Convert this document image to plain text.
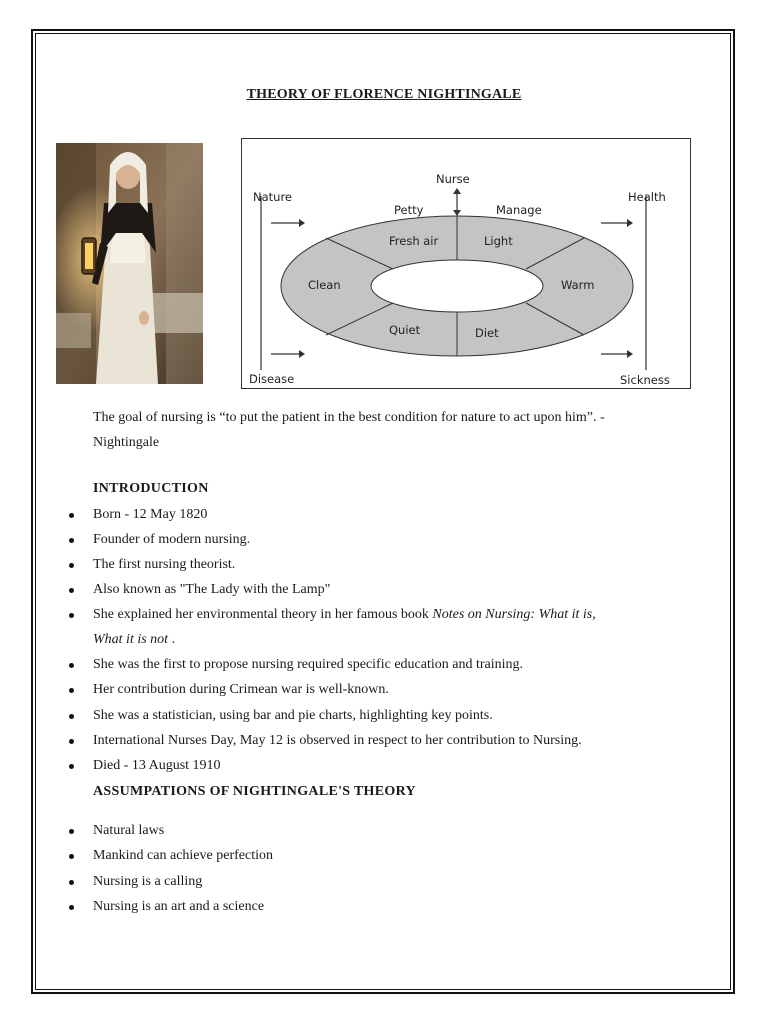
THEORY OF FLORENCE NIGHTINGALE
Nurse
Nature
Disease
Health
Sickness
Petty	Manage
Fresh air	Light
Clean	Warm
Quiet	Diet
The goal of nursing is “to put the patient in the best condition for nature to act upon him”. -
Nightingale
INTRODUCTION
Born - 12 May 1820
Founder of modern nursing.
The first nursing theorist.
Also known as "The Lady with the Lamp"
She explained her environmental theory in her famous book Notes on Nursing: What it is,
What it is not .
She was the first to propose nursing required specific education and training.
Her contribution during Crimean war is well-known.
She was a statistician, using bar and pie charts, highlighting key points.
International Nurses Day, May 12 is observed in respect to her contribution to Nursing.
Died - 13 August 1910
ASSUMPATIONS OF NIGHTINGALE'S THEORY
Natural laws
Mankind can achieve perfection
Nursing is a calling
Nursing is an art and a science
